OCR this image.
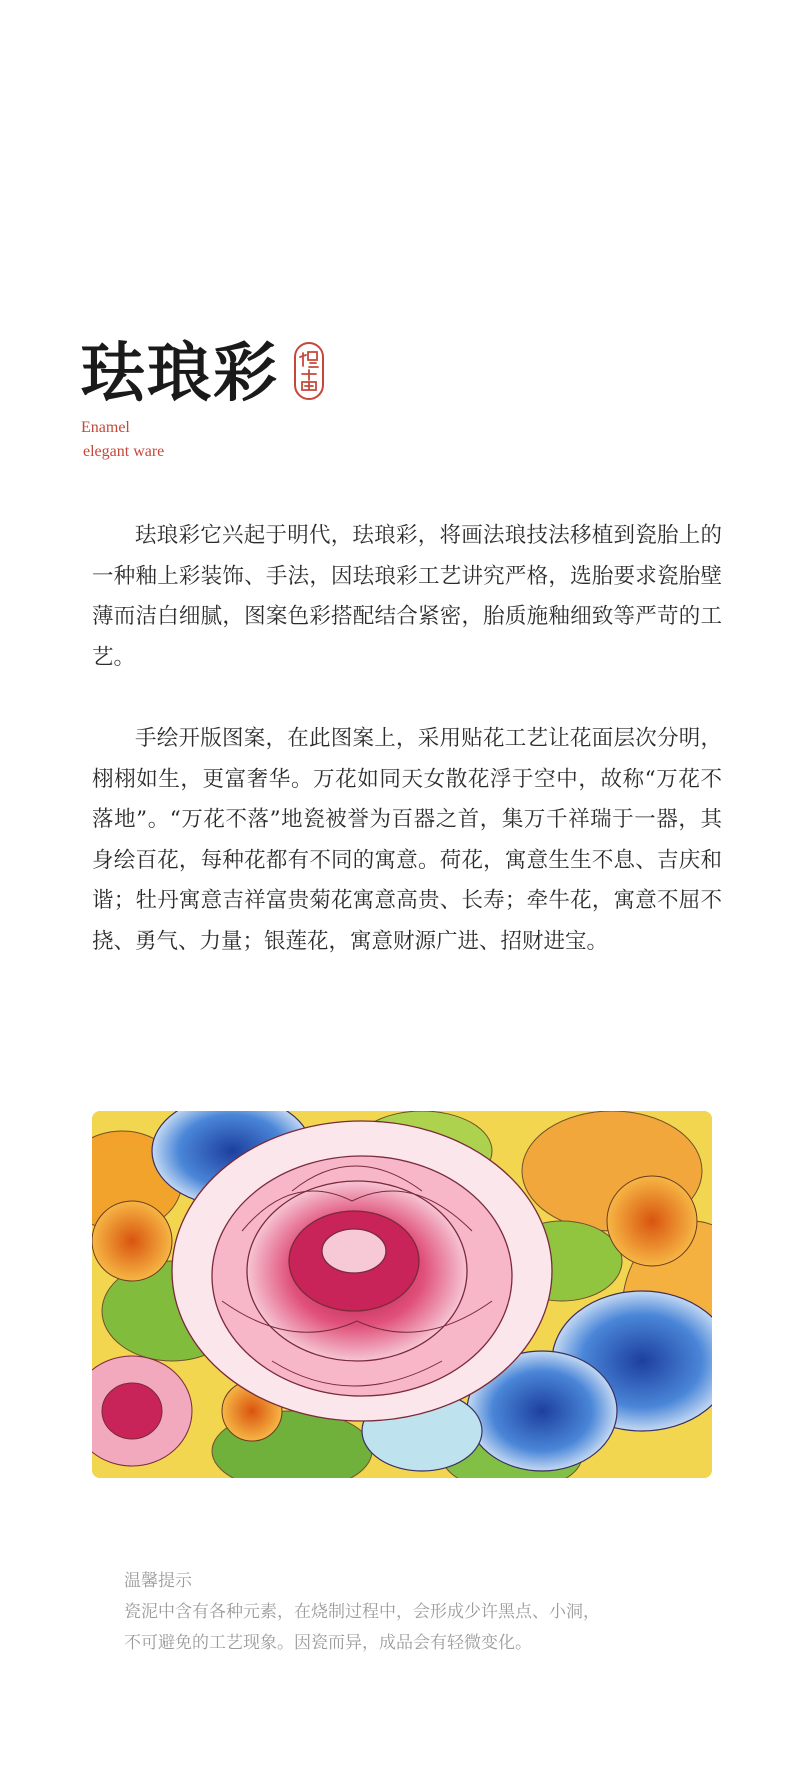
珐琅彩
Enamel
elegant ware

珐琅彩它兴起于明代，珐琅彩，将画法琅技法移植到瓷胎上的一种釉上彩装饰、手法，因珐琅彩工艺讲究严格，选胎要求瓷胎壁薄而洁白细腻，图案色彩搭配结合紧密，胎质施釉细致等严苛的工艺。

手绘开版图案，在此图案上，采用贴花工艺让花面层次分明，栩栩如生，更富奢华。万花如同天女散花浮于空中，故称“万花不落地”。“万花不落”地瓷被誉为百器之首，集万千祥瑞于一器，其身绘百花，每种花都有不同的寓意。荷花，寓意生生不息、吉庆和谐；牡丹寓意吉祥富贵菊花寓意高贵、长寿；牵牛花，寓意不屈不挠、勇气、力量；银莲花，寓意财源广进、招财进宝。

温馨提示
瓷泥中含有各种元素，在烧制过程中，会形成少许黑点、小洞，
不可避免的工艺现象。因瓷而异，成品会有轻微变化。
